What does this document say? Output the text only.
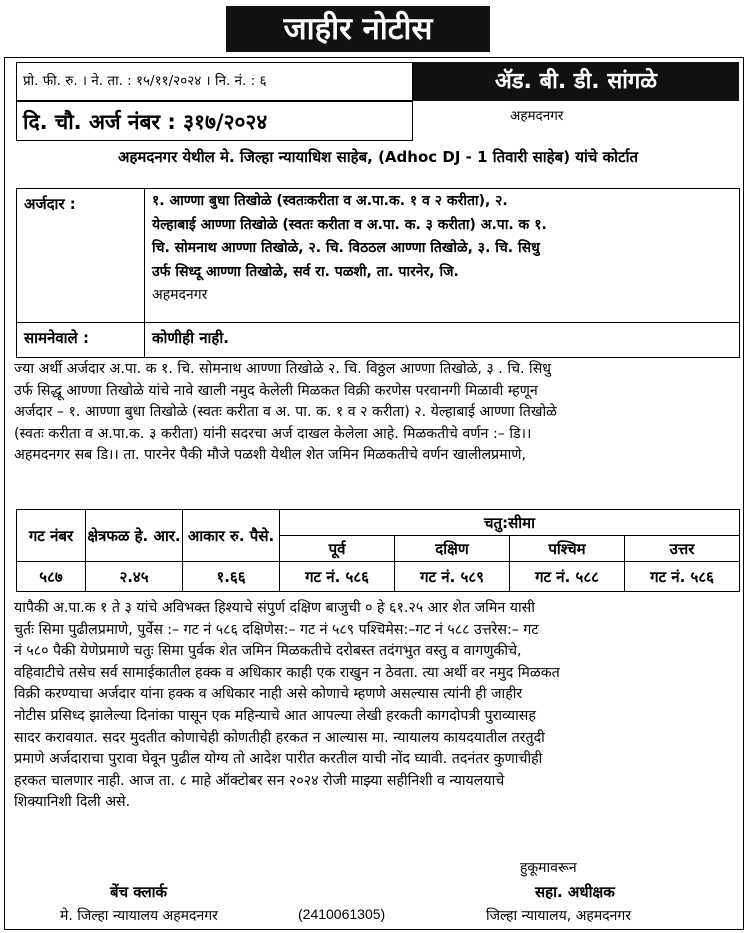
जाहीर नोटीस
प्रो. फी. रु. । ने. ता. : १५/११/२०२४ । नि. नं. : ६	ॲड. बी. डी. सांगळे
दि. चौ. अर्ज नंबर : ३१७/२०२४	अहमदनगर
अहमदनगर येथील मे. जिल्हा न्यायाधिश साहेब, (Adhoc DJ - 1 तिवारी साहेब) यांचे कोर्टात
अर्जदार :	१. आण्णा बुधा तिखोळे (स्वतःकरीता व अ.पा.क. १ व २ करीता), २.
येल्हाबाई आण्णा तिखोळे (स्वतः करीता व अ.पा. क. ३ करीता) अ.पा. क १.
चि. सोमनाथ आण्णा तिखोळे, २. चि. विठठल आण्णा तिखोळे, ३. चि. सिधु
उर्फ सिध्दू आण्णा तिखोळे, सर्व रा. पळशी, ता. पारनेर, जि.
अहमदनगर
सामनेवाले :	कोणीही नाही.
ज्या अर्थी अर्जदार अ.पा. क १. चि. सोमनाथ आण्णा तिखोळे २. चि. विठ्ठल आण्णा तिखोळे, ३ . चि. सिधु
उर्फ सिद्धू आण्णा तिखोळे यांचे नावे खाली नमुद केलेली मिळकत विक्री करणेस परवानगी मिळावी म्हणून
अर्जदार – १. आण्णा बुधा तिखोळे (स्वतः करीता व अ. पा. क. १ व २ करीता) २. येल्हाबाई आण्णा तिखोळे
(स्वतः करीता व अ.पा.क. ३ करीता) यांनी सदरचा अर्ज दाखल केलेला आहे. मिळकतीचे वर्णन :– डि।।
अहमदनगर सब डि।। ता. पारनेर पैकी मौजे पळशी येथील शेत जमिन मिळकतीचे वर्णन खालीलप्रमाणे,
गट नंबर	क्षेत्रफळ हे. आर.	आकार रु. पैसे.	चतु:सीमा			
			पूर्व	दक्षिण	पश्चिम	उत्तर
५८७	२.४५	१.६६	गट नं. ५८६	गट नं. ५८९	गट नं. ५८८	गट नं. ५८६
यापैकी अ.पा.क १ ते ३ यांचे अविभक्त हिश्याचे संपुर्ण दक्षिण बाजुची ० हे ६१.२५ आर शेत जमिन यासी
चुर्तः सिमा पुढीलप्रमाणे, पुर्वेस :– गट नं ५८६ दक्षिणेस:– गट नं ५८९ पश्चिमेस:–गट नं ५८८ उत्तरेस:– गट
नं ५८० पैकी येणेप्रमाणे चतुः सिमा पुर्वक शेत जमिन मिळकतीचे दरोबस्त तदंगभुत वस्तु व वागणुकीचे,
वहिवाटीचे तसेच सर्व सामाईकातील हक्क व अधिकार काही एक राखुन न ठेवता. त्या अर्थी वर नमुद मिळकत
विक्री करण्याचा अर्जदार यांना हक्क व अधिकार नाही असे कोणाचे म्हणणे असल्यास त्यांनी ही जाहीर
नोटीस प्रसिध्द झालेल्या दिनांका पासून एक महिन्याचे आत आपल्या लेखी हरकती कागदोपत्री पुराव्यासह
सादर करावयात. सदर मुदतीत कोणाचेही कोणतीही हरकत न आल्यास मा. न्यायालय कायदयातील तरतुदी
प्रमाणे अर्जदाराचा पुरावा घेवून पुढील योग्य तो आदेश पारीत करतील याची नोंद घ्यावी. तदनंतर कुणाचीही
हरकत चालणार नाही. आज ता. ८ माहे ऑक्टोबर सन २०२४ रोजी माझ्या सहीनिशी व न्यायलयाचे
शिक्यानिशी दिली असे.
हुकूमावरून
बेंच क्लार्क	सहा. अधीक्षक
मे. जिल्हा न्यायालय अहमदनगर	(2410061305)	जिल्हा न्यायालय, अहमदनगर
